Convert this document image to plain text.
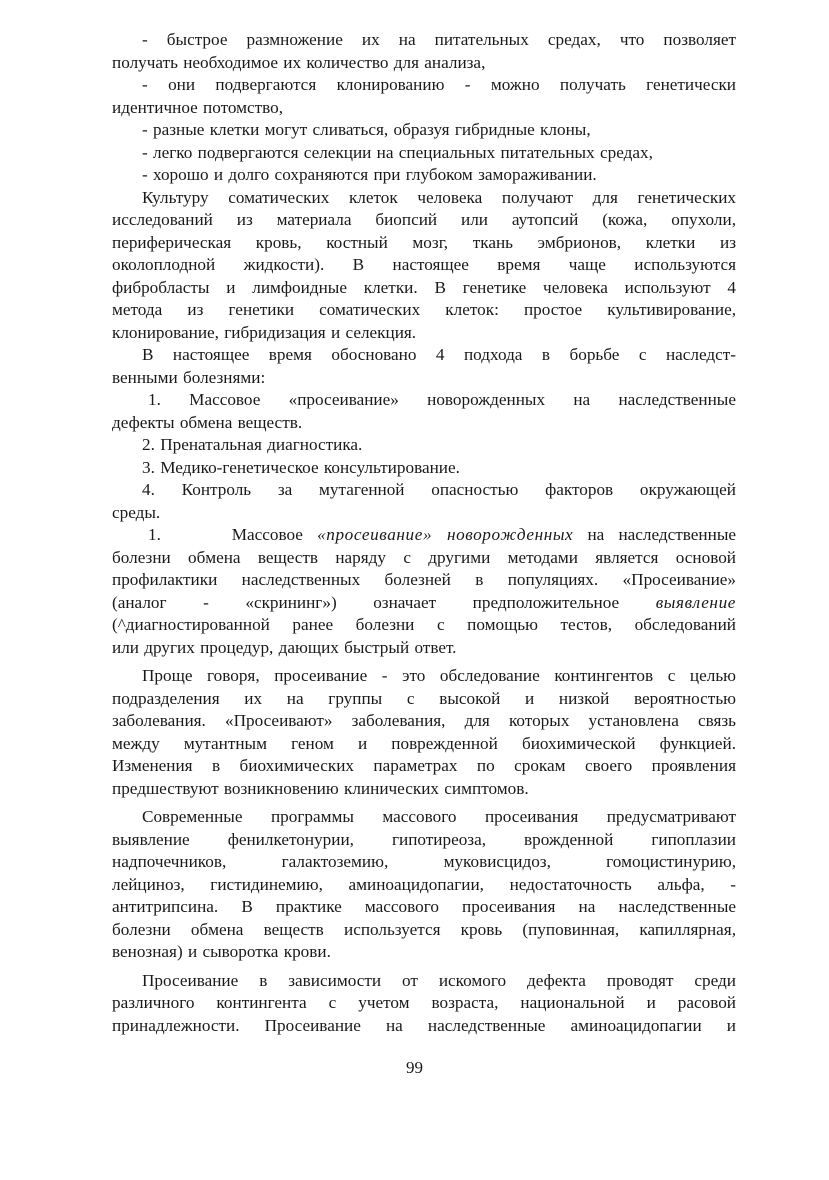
- быстрое размножение их на питательных средах, что позволяет
получать необходимое их количество для анализа,
- они подвергаются клонированию - можно получать генетически
идентичное потомство,
- разные клетки могут сливаться, образуя гибридные клоны,
- легко подвергаются селекции на специальных питательных средах,
- хорошо и долго сохраняются при глубоком замораживании.
Культуру соматических клеток человека получают для генетических
исследований из материала биопсий или аутопсий (кожа, опухоли,
периферическая кровь, костный мозг, ткань эмбрионов, клетки из
околоплодной жидкости). В настоящее время чаще используются
фибробласты и лимфоидные клетки. В генетике человека используют 4
метода из генетики соматических клеток: простое культивирование,
клонирование, гибридизация и селекция.
В настоящее время обосновано 4 подхода в борьбе с наследст-
венными болезнями:
1. Массовое «просеивание» новорожденных на наследственные
дефекты обмена веществ.
2. Пренатальная диагностика.
3. Медико-генетическое консультирование.
4. Контроль за мутагенной опасностью факторов окружающей
среды.
1.     Массовое «просеивание» новорожденных на наследственные
болезни обмена веществ наряду с другими методами является основой
профилактики наследственных болезней в популяциях. «Просеивание»
(аналог - «скрининг») означает предположительное выявление
(^диагностированной ранее болезни с помощью тестов, обследований
или других процедур, дающих быстрый ответ.
Проще говоря, просеивание - это обследование контингентов с целью
подразделения их на группы с высокой и низкой вероятностью
заболевания. «Просеивают» заболевания, для которых установлена связь
между мутантным геном и поврежденной биохимической функцией.
Изменения в биохимических параметрах по срокам своего проявления
предшествуют возникновению клинических симптомов.
Современные программы массового просеивания предусматривают
выявление фенилкетонурии, гипотиреоза, врожденной гипоплазии
надпочечников, галактоземию, муковисцидоз, гомоцистинурию,
лейциноз, гистидинемию, аминоацидопагии, недостаточность альфа, -
антитрипсина. В практике массового просеивания на наследственные
болезни обмена веществ используется кровь (пуповинная, капиллярная,
венозная) и сыворотка крови.
Просеивание в зависимости от искомого дефекта проводят среди
различного контингента с учетом возраста, национальной и расовой
принадлежности. Просеивание на наследственные аминоацидопагии и
99
